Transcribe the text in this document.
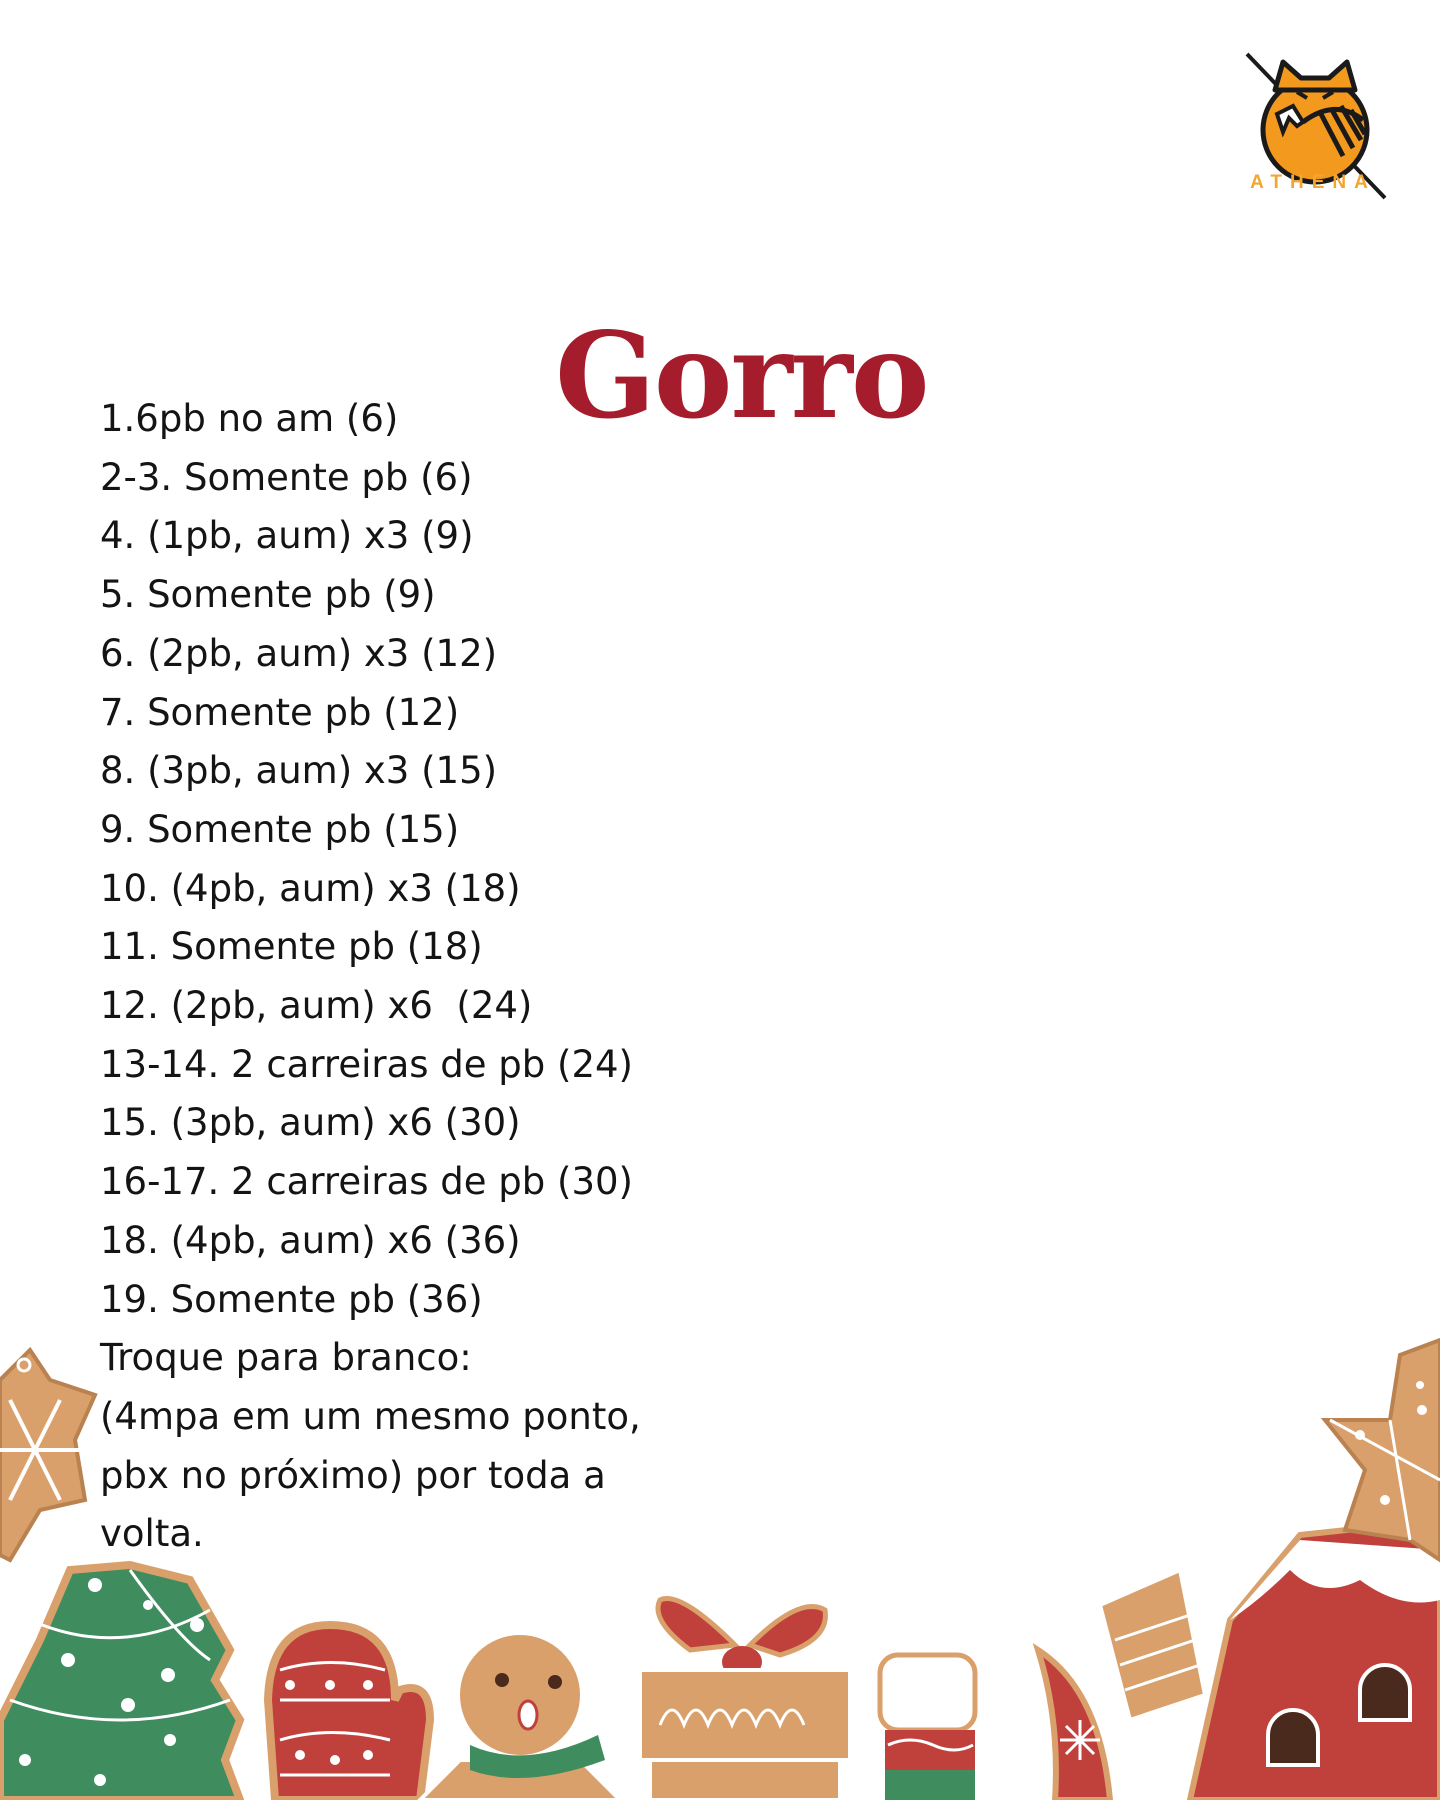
ATHENA
Gorro
1.6pb no am (6)
2-3. Somente pb (6)
4. (1pb, aum) x3 (9)
5. Somente pb (9)
6. (2pb, aum) x3 (12)
7. Somente pb (12)
8. (3pb, aum) x3 (15)
9. Somente pb (15)
10. (4pb, aum) x3 (18)
11. Somente pb (18)
12. (2pb, aum) x6  (24)
13-14. 2 carreiras de pb (24)
15. (3pb, aum) x6 (30)
16-17. 2 carreiras de pb (30)
18. (4pb, aum) x6 (36)
19. Somente pb (36)
Troque para branco:
(4mpa em um mesmo ponto,
pbx no próximo) por toda a
volta.
